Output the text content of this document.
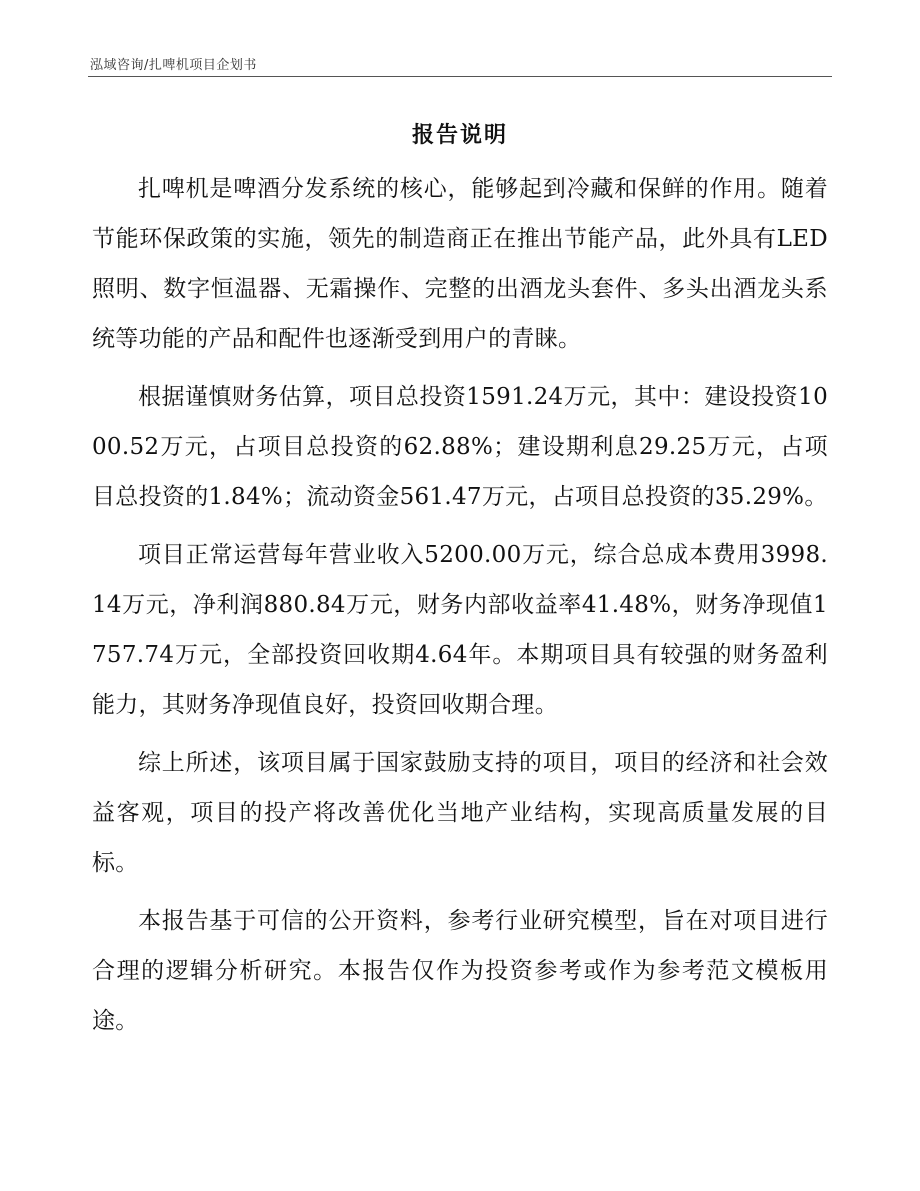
泓域咨询/扎啤机项目企划书
报告说明

扎啤机是啤酒分发系统的核心，能够起到冷藏和保鲜的作用。随着节能环保政策的实施，领先的制造商正在推出节能产品，此外具有LED照明、数字恒温器、无霜操作、完整的出酒龙头套件、多头出酒龙头系统等功能的产品和配件也逐渐受到用户的青睐。

根据谨慎财务估算，项目总投资1591.24万元，其中：建设投资1000.52万元，占项目总投资的62.88%；建设期利息29.25万元，占项目总投资的1.84%；流动资金561.47万元，占项目总投资的35.29%。

项目正常运营每年营业收入5200.00万元，综合总成本费用3998.14万元，净利润880.84万元，财务内部收益率41.48%，财务净现值1757.74万元，全部投资回收期4.64年。本期项目具有较强的财务盈利能力，其财务净现值良好，投资回收期合理。

综上所述，该项目属于国家鼓励支持的项目，项目的经济和社会效益客观，项目的投产将改善优化当地产业结构，实现高质量发展的目标。

本报告基于可信的公开资料，参考行业研究模型，旨在对项目进行合理的逻辑分析研究。本报告仅作为投资参考或作为参考范文模板用途。
